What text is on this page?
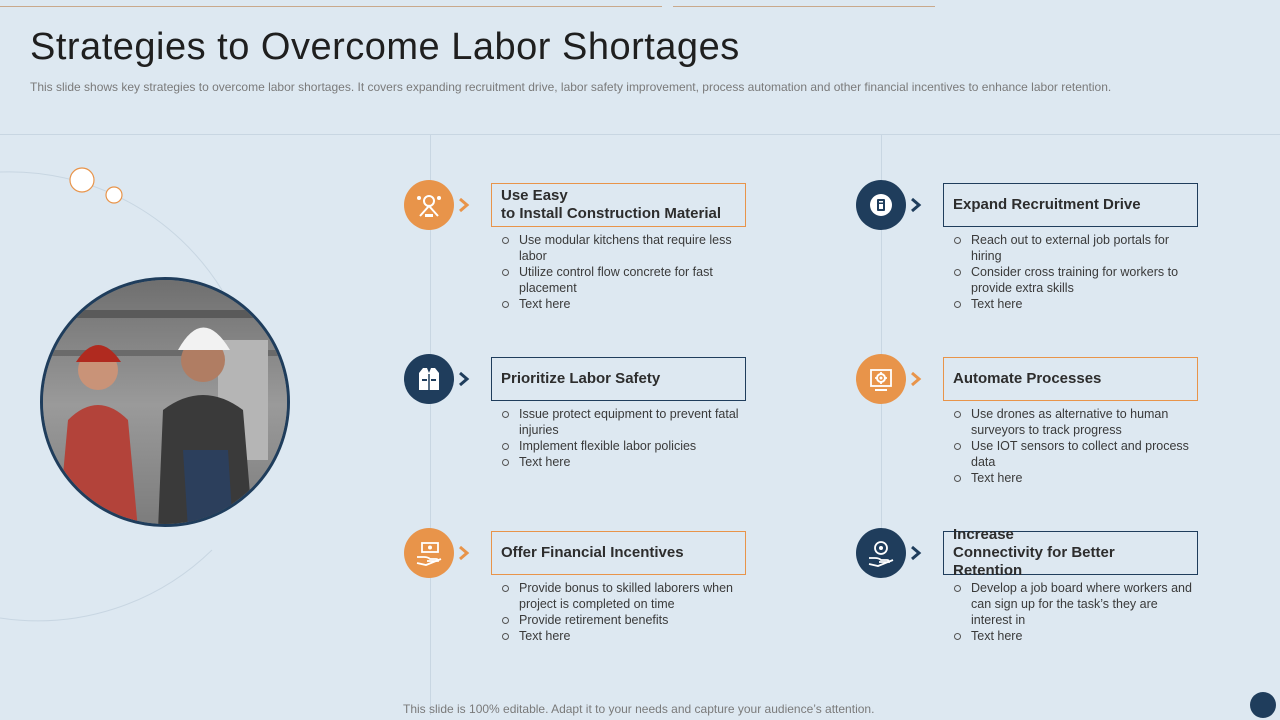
Strategies to Overcome Labor Shortages
This slide shows key strategies to overcome labor shortages. It covers expanding recruitment drive, labor safety improvement, process automation and other financial incentives to enhance labor retention.
Use Easy
to Install Construction Material
Use modular kitchens that require less labor
Utilize control flow concrete for fast placement
Text here
Prioritize Labor Safety
Issue protect equipment to prevent fatal injuries
Implement flexible labor policies
Text here
Offer Financial Incentives
Provide bonus to skilled laborers when project is completed on time
Provide retirement benefits
Text here
Expand Recruitment Drive
Reach out to external job portals for hiring
Consider cross training for workers to provide extra skills
Text here
Automate Processes
Use drones as alternative to human surveyors to track progress
Use IOT sensors to collect and process data
Text here
Increase
Connectivity for Better Retention
Develop a job board where workers and can sign up for the task’s they are interest in
Text here
This slide is 100% editable. Adapt it to your needs and capture your audience’s attention.
